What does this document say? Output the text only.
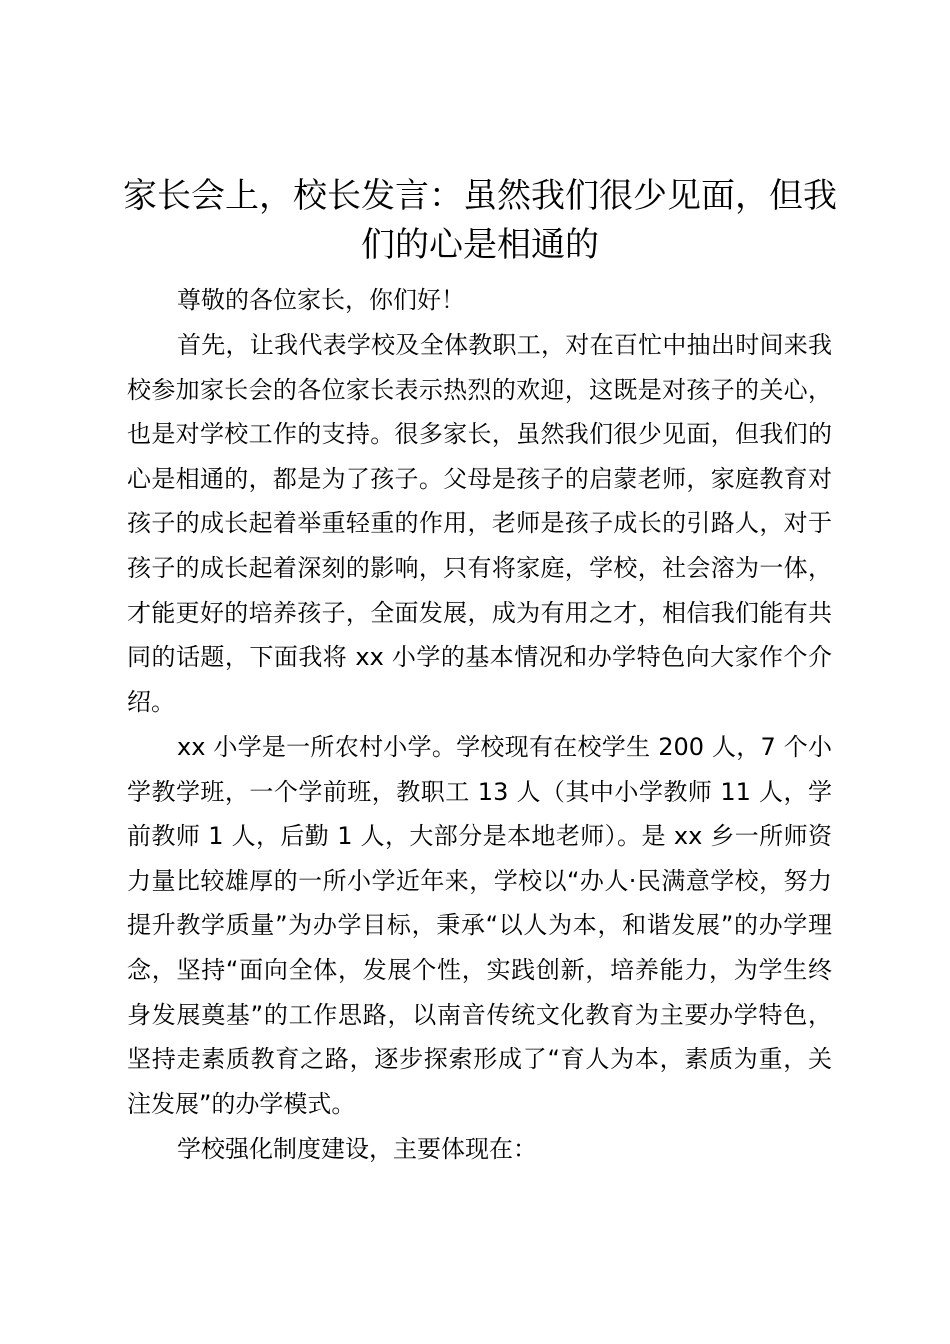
家长会上，校长发言：虽然我们很少见面，但我们的心是相通的

尊敬的各位家长，你们好！

首先，让我代表学校及全体教职工，对在百忙中抽出时间来我校参加家长会的各位家长表示热烈的欢迎，这既是对孩子的关心，也是对学校工作的支持。很多家长，虽然我们很少见面，但我们的心是相通的，都是为了孩子。父母是孩子的启蒙老师，家庭教育对孩子的成长起着举重轻重的作用，老师是孩子成长的引路人，对于孩子的成长起着深刻的影响，只有将家庭，学校，社会溶为一体，才能更好的培养孩子，全面发展，成为有用之才，相信我们能有共同的话题，下面我将 xx 小学的基本情况和办学特色向大家作个介绍。

xx 小学是一所农村小学。学校现有在校学生 200 人，7 个小学教学班，一个学前班，教职工 13 人（其中小学教师 11 人，学前教师 1 人，后勤 1 人，大部分是本地老师）。是 xx 乡一所师资力量比较雄厚的一所小学近年来，学校以“办人·民满意学校，努力提升教学质量”为办学目标，秉承“以人为本，和谐发展”的办学理念，坚持“面向全体，发展个性，实践创新，培养能力，为学生终身发展奠基”的工作思路，以南音传统文化教育为主要办学特色，坚持走素质教育之路，逐步探索形成了“育人为本，素质为重，关注发展”的办学模式。

学校强化制度建设，主要体现在：
